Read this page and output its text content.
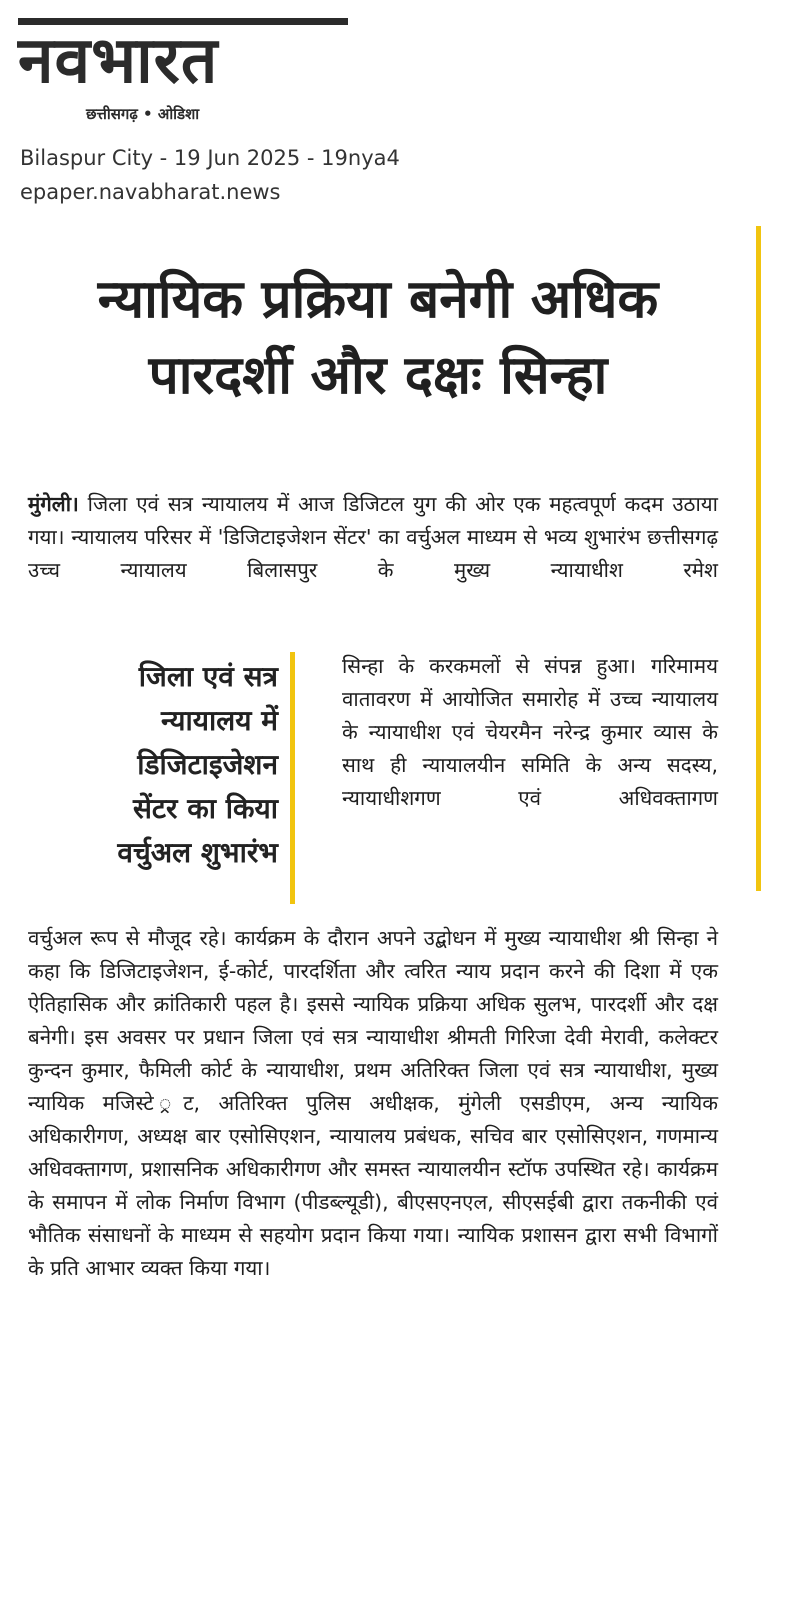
नवभारत
छत्तीसगढ़ • ओडिशा
Bilaspur City - 19 Jun 2025 - 19nya4
epaper.navabharat.news
न्यायिक प्रक्रिया बनेगी अधिक
पारदर्शी और दक्षः सिन्हा
मुंगेली। जिला एवं सत्र न्यायालय में आज डिजिटल युग की ओर एक महत्वपूर्ण कदम उठाया गया। न्यायालय परिसर में 'डिजिटाइजेशन सेंटर' का वर्चुअल माध्यम से भव्य शुभारंभ छत्तीसगढ़ उच्च न्यायालय बिलासपुर के मुख्य न्यायाधीश रमेश
जिला एवं सत्र
न्यायालय में
डिजिटाइजेशन
सेंटर का किया
वर्चुअल शुभारंभ
सिन्हा के करकमलों से संपन्न हुआ। गरिमामय वातावरण में आयोजित समारोह में उच्च न्यायालय के न्यायाधीश एवं चेयरमैन नरेन्द्र कुमार व्यास के साथ ही न्यायालयीन समिति के अन्य सदस्य, न्यायाधीशगण एवं अधिवक्तागण
वर्चुअल रूप से मौजूद रहे। कार्यक्रम के दौरान अपने उद्बोधन में मुख्य न्यायाधीश श्री सिन्हा ने कहा कि डिजिटाइजेशन, ई-कोर्ट, पारदर्शिता और त्वरित न्याय प्रदान करने की दिशा में एक ऐतिहासिक और क्रांतिकारी पहल है। इससे न्यायिक प्रक्रिया अधिक सुलभ, पारदर्शी और दक्ष बनेगी। इस अवसर पर प्रधान जिला एवं सत्र न्यायाधीश श्रीमती गिरिजा देवी मेरावी, कलेक्टर कुन्दन कुमार, फैमिली कोर्ट के न्यायाधीश, प्रथम अतिरिक्त जिला एवं सत्र न्यायाधीश, मुख्य न्यायिक मजिस्टे ्रट, अतिरिक्त पुलिस अधीक्षक, मुंगेली एसडीएम, अन्य न्यायिक अधिकारीगण, अध्यक्ष बार एसोसिएशन, न्यायालय प्रबंधक, सचिव बार एसोसिएशन, गणमान्य अधिवक्तागण, प्रशासनिक अधिकारीगण और समस्त न्यायालयीन स्टॉफ उपस्थित रहे। कार्यक्रम के समापन में लोक निर्माण विभाग (पीडब्ल्यूडी), बीएसएनएल, सीएसईबी द्वारा तकनीकी एवं भौतिक संसाधनों के माध्यम से सहयोग प्रदान किया गया। न्यायिक प्रशासन द्वारा सभी विभागों के प्रति आभार व्यक्त किया गया।
